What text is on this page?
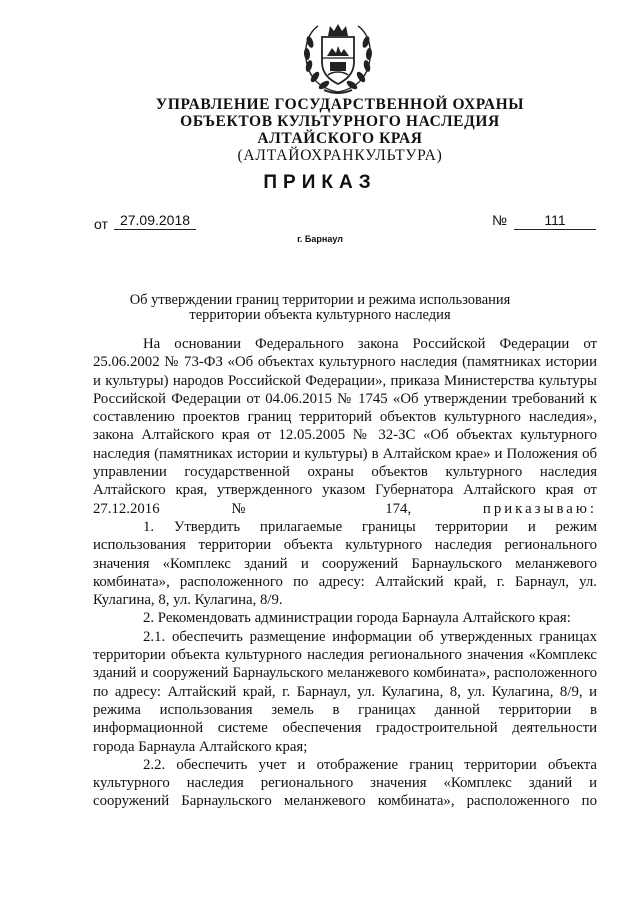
УПРАВЛЕНИЕ ГОСУДАРСТВЕННОЙ ОХРАНЫ
ОБЪЕКТОВ КУЛЬТУРНОГО НАСЛЕДИЯ
АЛТАЙСКОГО КРАЯ
(АЛТАЙОХРАНКУЛЬТУРА)
ПРИКАЗ
от 27.09.2018	№	111
г. Барнаул
Об утверждении границ территории и режима использования
территории объекта культурного наследия

На основании Федерального закона Российской Федерации от 25.06.2002 № 73-ФЗ «Об объектах культурного наследия (памятниках истории и культуры) народов Российской Федерации», приказа Министерства культуры Российской Федерации от 04.06.2015 № 1745 «Об утверждении требований к составлению проектов границ территорий объектов культурного наследия», закона Алтайского края от 12.05.2005 № 32-ЗС «Об объектах культурного наследия (памятниках истории и культуры) в Алтайском крае» и Положения об управлении государственной охраны объектов культурного наследия Алтайского края, утвержденного указом Губернатора Алтайского края от 27.12.2016 № 174,	приказываю:

1. Утвердить прилагаемые границы территории и режим использования территории объекта культурного наследия регионального значения «Комплекс зданий и сооружений Барнаульского меланжевого комбината», расположенного по адресу: Алтайский край, г. Барнаул, ул. Кулагина, 8, ул. Кулагина, 8/9.

2. Рекомендовать администрации города Барнаула Алтайского края:

2.1. обеспечить размещение информации об утвержденных границах территории объекта культурного наследия регионального значения «Комплекс зданий и сооружений Барнаульского меланжевого комбината», расположенного по адресу: Алтайский край, г. Барнаул, ул. Кулагина, 8, ул. Кулагина, 8/9, и режима использования земель в границах данной территории в информационной системе обеспечения градостроительной деятельности города Барнаула Алтайского края;

2.2. обеспечить учет и отображение границ территории объекта культурного наследия регионального значения «Комплекс зданий и сооружений Барнаульского меланжевого комбината», расположенного по
